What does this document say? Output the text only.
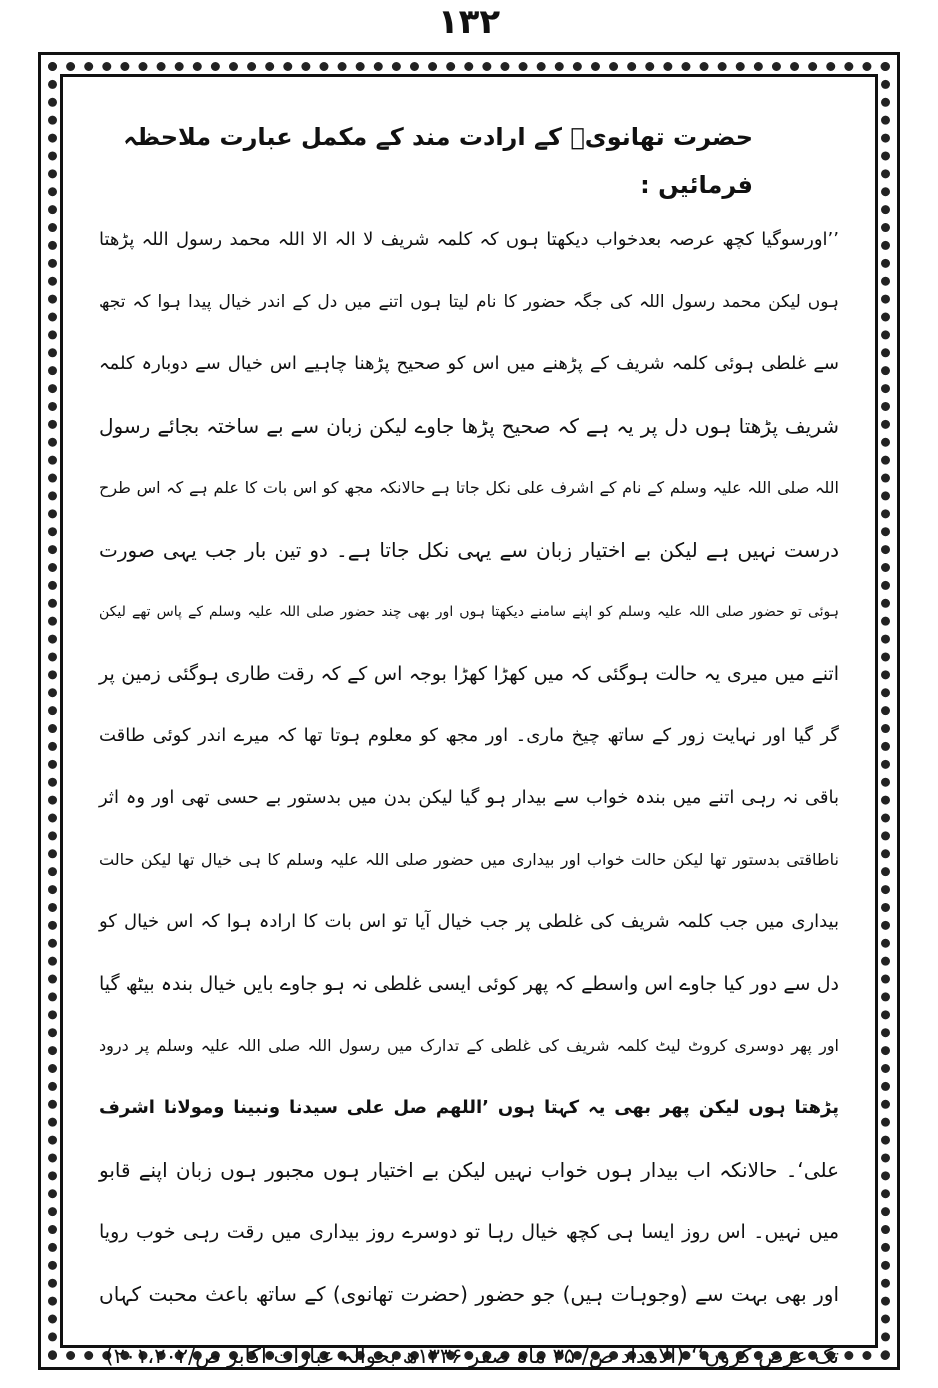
۱۳۲

حضرت تھانویؒ کے ارادت مند کے مکمل عبارت ملاحظہ فرمائیں :

’’اورسوگیا کچھ عرصہ بعدخواب دیکھتا ہوں کہ کلمہ شریف لا الہ الا اللہ محمد رسول اللہ پڑھتا
ہوں لیکن محمد رسول اللہ کی جگہ حضور کا نام لیتا ہوں اتنے میں دل کے اندر خیال پیدا ہوا کہ تجھ
سے غلطی ہوئی کلمہ شریف کے پڑھنے میں اس کو صحیح پڑھنا چاہیے اس خیال سے دوبارہ کلمہ
شریف پڑھتا ہوں دل پر یہ ہے کہ صحیح پڑھا جاوے لیکن زبان سے بے ساختہ بجائے رسول
اللہ صلی اللہ علیہ وسلم کے نام کے اشرف علی نکل جاتا ہے حالانکہ مجھ کو اس بات کا علم ہے کہ اس طرح
درست نہیں ہے لیکن بے اختیار زبان سے یہی نکل جاتا ہے۔ دو تین بار جب یہی صورت
ہوئی تو حضور صلی اللہ علیہ وسلم کو اپنے سامنے دیکھتا ہوں اور بھی چند حضور صلی اللہ علیہ وسلم کے پاس تھے لیکن
اتنے میں میری یہ حالت ہوگئی کہ میں کھڑا کھڑا بوجہ اس کے کہ رقت طاری ہوگئی زمین پر
گر گیا اور نہایت زور کے ساتھ چیخ ماری۔ اور مجھ کو معلوم ہوتا تھا کہ میرے اندر کوئی طاقت
باقی نہ رہی اتنے میں بندہ خواب سے بیدار ہو گیا لیکن بدن میں بدستور بے حسی تھی اور وہ اثر
ناطاقتی بدستور تھا لیکن حالت خواب اور بیداری میں حضور صلی اللہ علیہ وسلم کا ہی خیال تھا لیکن حالت
بیداری میں جب کلمہ شریف کی غلطی پر جب خیال آیا تو اس بات کا ارادہ ہوا کہ اس خیال کو
دل سے دور کیا جاوے اس واسطے کہ پھر کوئی ایسی غلطی نہ ہو جاوے بایں خیال بندہ بیٹھ گیا
اور پھر دوسری کروٹ لیٹ کلمہ شریف کی غلطی کے تدارک میں رسول اللہ صلی اللہ علیہ وسلم پر درود
پڑھتا ہوں لیکن پھر بھی یہ کہتا ہوں ’اللھم صل علی سیدنا ونبینا ومولانا اشرف
علی‘۔ حالانکہ اب بیدار ہوں خواب نہیں لیکن بے اختیار ہوں مجبور ہوں زبان اپنے قابو
میں نہیں۔ اس روز ایسا ہی کچھ خیال رہا تو دوسرے روز بیداری میں رقت رہی خوب رویا
اور بھی بہت سے (وجوہات ہیں) جو حضور (حضرت تھانوی) کے ساتھ باعث محبت کہاں
تک عرض کروں‘‘ (الامداد ص/ ۳۵ ماہ صفر ۱۳۳۶ھ بحوالہ عبارات اکابر ص/۲۰۱،۲۰۲)
